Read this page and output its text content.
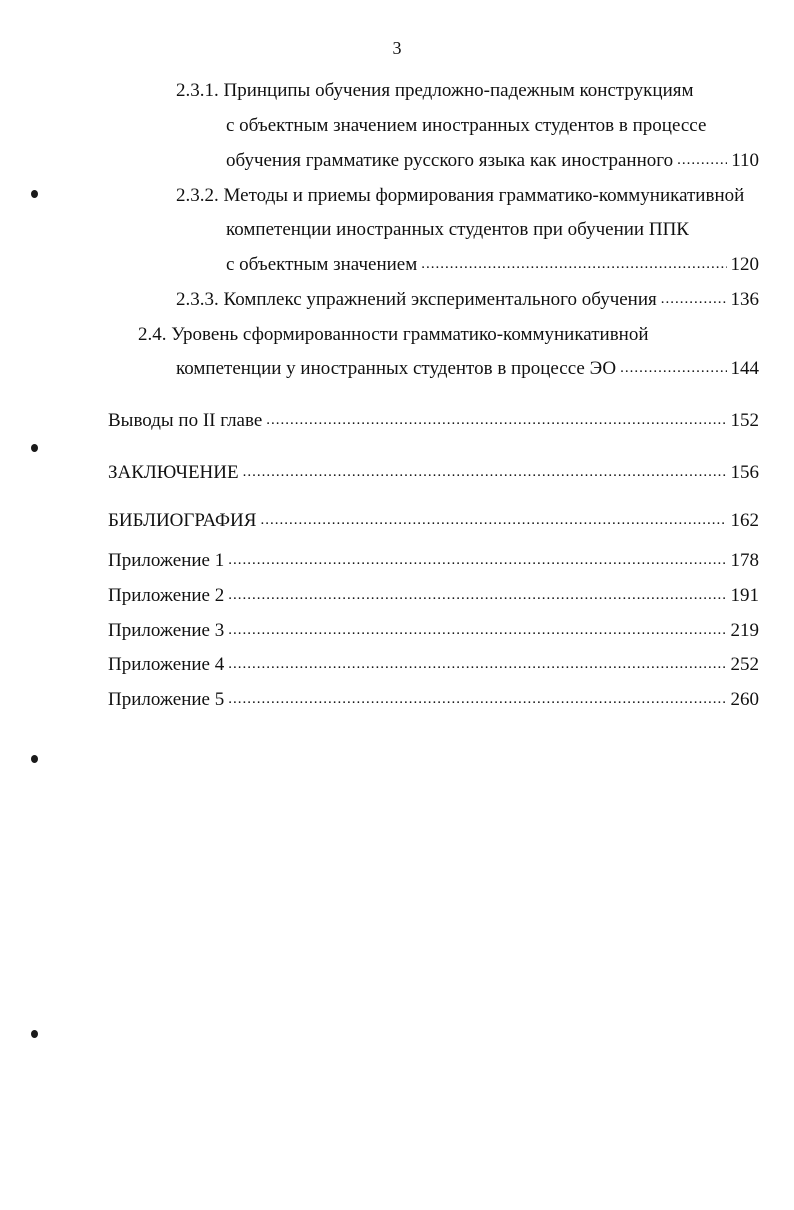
3
2.3.1. Принципы обучения предложно-падежным конструкциям
с объектным значением иностранных студентов в процессе
обучения грамматике русского языка как иностранного .....	110
2.3.2. Методы и приемы формирования грамматико-коммуникативной
компетенции иностранных студентов при обучении ППК
с объектным значением .....	120
2.3.3. Комплекс упражнений экспериментального обучения .....	136
2.4. Уровень сформированности грамматико-коммуникативной
компетенции у иностранных студентов в процессе ЭО .....	144
Выводы по II главе .....	152
ЗАКЛЮЧЕНИЕ .....	156
БИБЛИОГРАФИЯ .....	162
Приложение 1 .....	178
Приложение 2 .....	191
Приложение 3 .....	219
Приложение 4 .....	252
Приложение 5 .....	260
